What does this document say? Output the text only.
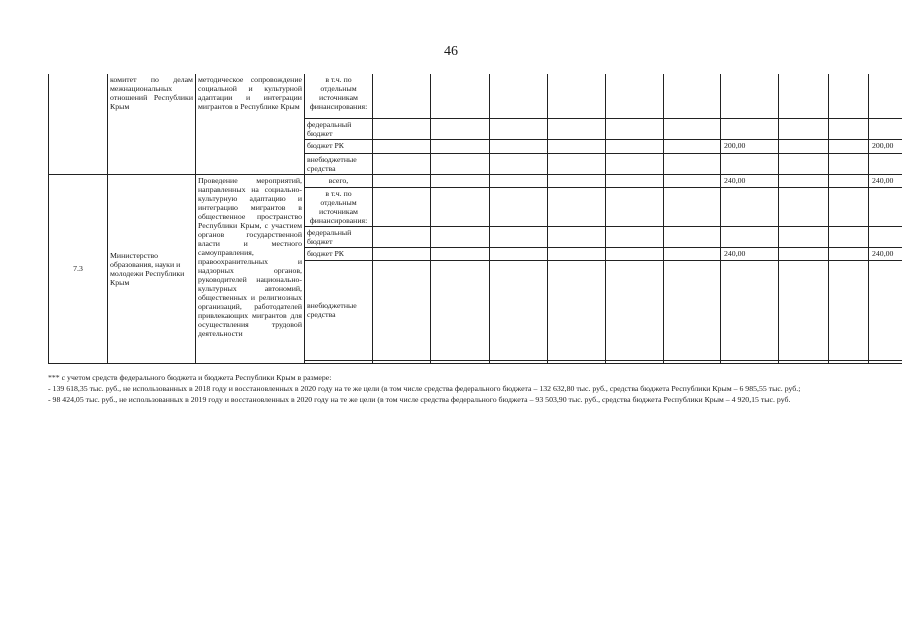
46
	комитет по делам межнациональных отношений Республики Крым	методическое сопровождение социальной и культурной адаптации и интеграции мигрантов в Республике Крым	в т.ч. по отдельным источникам финансирования:										
			федеральный бюджет										
			бюджет РК							200,00			200,00
			внебюджетные средства										
7.3	Министерство образования, науки и молодежи Республики Крым	Проведение мероприятий, направленных на социально-культурную адаптацию и интеграцию мигрантов в общественное пространство Республики Крым, с участием органов государственной власти и местного самоуправления, правоохранительных и надзорных органов, руководителей национально-культурных автономий, общественных и религиозных организаций, работодателей привлекающих мигрантов для осуществления трудовой деятельности	всего,							240,00			240,00
			в т.ч. по отдельным источникам финансирования:										
			федеральный бюджет										
			бюджет РК							240,00			240,00
			внебюджетные средства										

*** с учетом средств федерального бюджета и бюджета Республики Крым в размере:
- 139 618,35 тыс. руб., не использованных в 2018 году и восстановленных в 2020 году на те же цели (в том числе средства федерального бюджета – 132 632,80 тыс. руб., средства бюджета Республики Крым – 6 985,55 тыс. руб.;
- 98 424,05 тыс. руб., не использованных в 2019 году и восстановленных в 2020 году на те же цели (в том числе средства федерального бюджета – 93 503,90 тыс. руб., средства бюджета Республики Крым – 4 920,15 тыс. руб.
